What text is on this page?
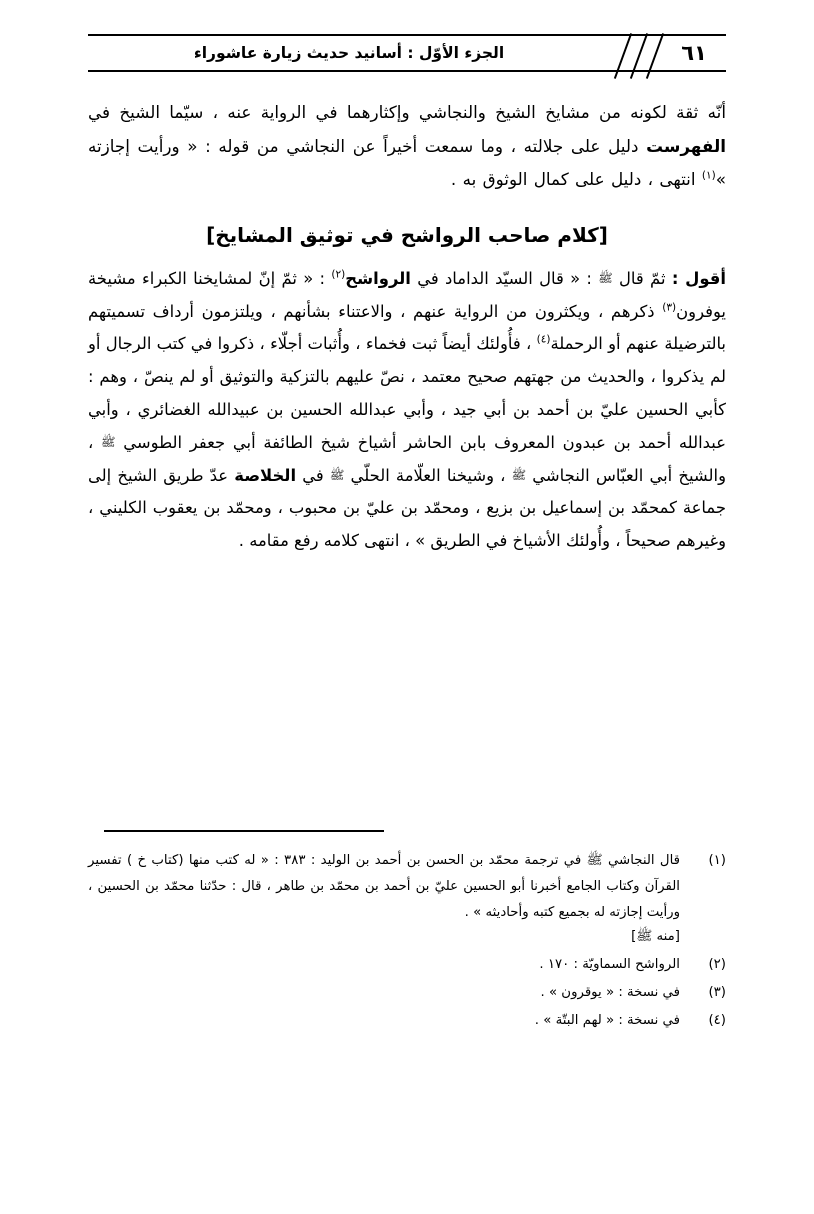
٦١
الجزء الأوّل : أسانيد حديث زيارة عاشوراء

أنّه ثقة لكونه من مشايخ الشيخ والنجاشي وإكثارهما في الرواية عنه ، سيّما الشيخ في الفهرست دليل على جلالته ، وما سمعت أخيراً عن النجاشي من قوله : « ورأيت إجازته »$^{(١)}$ انتهى ، دليل على كمال الوثوق به .

[كلام صاحب الرواشح في توثيق المشايخ]

أقول : ثمّ قال ﷺ : « قال السيّد الداماد في الرواشح$^{(٢)}$ : « ثمّ إنّ لمشايخنا الكبراء مشيخة يوفرون$^{(٣)}$ ذكرهم ، ويكثرون من الرواية عنهم ، والاعتناء بشأنهم ، ويلتزمون أرداف تسميتهم بالترضيلة عنهم أو الرحملة$^{(٤)}$ ، فأُولئك أيضاً ثبت فخماء ، وأُثبات أجلّاء ، ذكروا في كتب الرجال أو لم يذكروا ، والحديث من جهتهم صحيح معتمد ، نصّ عليهم بالتزكية والتوثيق أو لم ينصّ ، وهم : كأبي الحسين عليّ بن أحمد بن أبي جيد ، وأبي عبدالله الحسين بن عبيدالله الغضائري ، وأبي عبدالله أحمد بن عبدون المعروف بابن الحاشر أشياخ شيخ الطائفة أبي جعفر الطوسي ﷺ ، والشيخ أبي العبّاس النجاشي ﷺ ، وشيخنا العلّامة الحلّي ﷺ في الخلاصة عدّ طريق الشيخ إلى جماعة كمحمّد بن إسماعيل بن بزيع ، ومحمّد بن عليّ بن محبوب ، ومحمّد بن يعقوب الكليني ، وغيرهم صحيحاً ، وأُولئك الأشياخ في الطريق » ، انتهى كلامه رفع مقامه .

(١)
قال النجاشي ﷺ في ترجمة محمّد بن الحسن بن أحمد بن الوليد : ٣٨٣ : « له كتب منها (كتاب خ ) تفسير القرآن وكتاب الجامع أخبرنا أبو الحسين عليّ بن أحمد بن محمّد بن طاهر ، قال : حدّثنا محمّد بن الحسين ، ورأيت إجازته له بجميع كتبه وأحاديثه » .
[منه ﷺ]
(٢)
الرواشح السماويّة : ١٧٠ .
(٣)
في نسخة : « يوقرون » .
(٤)
في نسخة : « لهم البتّة » .
